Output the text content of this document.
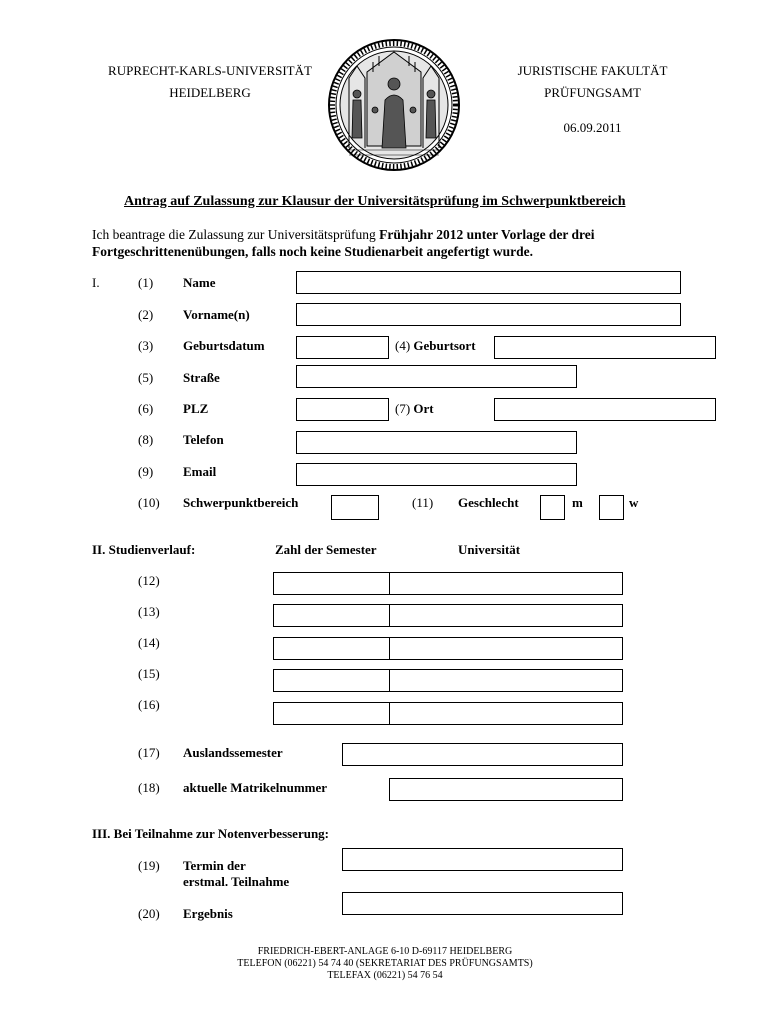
RUPRECHT-KARLS-UNIVERSITÄT
HEIDELBERG
JURISTISCHE FAKULTÄT
PRÜFUNGSAMT
06.09.2011
Antrag auf Zulassung zur Klausur der Universitätsprüfung im Schwerpunktbereich
Ich beantrage die Zulassung zur Universitätsprüfung Frühjahr 2012 unter Vorlage der drei
Fortgeschrittenenübungen, falls noch keine Studienarbeit angefertigt wurde.
I.	(1) Name
(2) Vorname(n)
(3) Geburtsdatum	(4) Geburtsort
(5) Straße
(6) PLZ	(7) Ort
(8) Telefon
(9) Email
(10) Schwerpunktbereich	(11) Geschlecht	m	w
II. Studienverlauf:	Zahl der Semester	Universität
(12)
(13)
(14)
(15)
(16)
(17) Auslandssemester
(18) aktuelle Matrikelnummer
III. Bei Teilnahme zur Notenverbesserung:
(19) Termin der
erstmal. Teilnahme
(20) Ergebnis
FRIEDRICH-EBERT-ANLAGE 6-10 D-69117 HEIDELBERG
TELEFON (06221) 54 74 40 (SEKRETARIAT DES PRÜFUNGSAMTS)
TELEFAX (06221) 54 76 54
